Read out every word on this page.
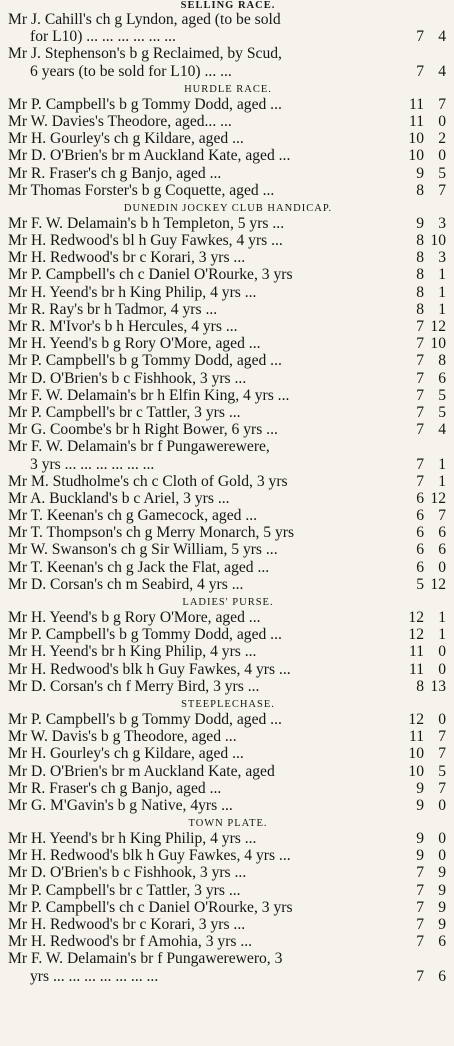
SELLING RACE.
Mr J. Cahill's ch g Lyndon, aged (to be sold
for L10) ... ... ... ... ... ...	7 4
Mr J. Stephenson's b g Reclaimed, by Scud,
6 years (to be sold for L10) ... ...	7 4
HURDLE RACE.
Mr P. Campbell's b g Tommy Dodd, aged ...	11 7
Mr W. Davies's Theodore, aged... ...	11 0
Mr H. Gourley's ch g Kildare, aged ...	10 2
Mr D. O'Brien's br m Auckland Kate, aged ...	10 0
Mr R. Fraser's ch g Banjo, aged ...	9 5
Mr Thomas Forster's b g Coquette, aged ...	8 7
DUNEDIN JOCKEY CLUB HANDICAP.
Mr F. W. Delamain's b h Templeton, 5 yrs ...	9 3
Mr H. Redwood's bl h Guy Fawkes, 4 yrs ...	8 10
Mr H. Redwood's br c Korari, 3 yrs ...	8 3
Mr P. Campbell's ch c Daniel O'Rourke, 3 yrs	8 1
Mr H. Yeend's br h King Philip, 4 yrs ...	8 1
Mr R. Ray's br h Tadmor, 4 yrs ...	8 1
Mr R. M'Ivor's b h Hercules, 4 yrs ...	7 12
Mr H. Yeend's b g Rory O'More, aged ...	7 10
Mr P. Campbell's b g Tommy Dodd, aged ...	7 8
Mr D. O'Brien's b c Fishhook, 3 yrs ...	7 6
Mr F. W. Delamain's br h Elfin King, 4 yrs ...	7 5
Mr P. Campbell's br c Tattler, 3 yrs ...	7 5
Mr G. Coombe's br h Right Bower, 6 yrs ...	7 4
Mr F. W. Delamain's br f Pungawerewere,
3 yrs ... ... ... ... ... ...	7 1
Mr M. Studholme's ch c Cloth of Gold, 3 yrs	7 1
Mr A. Buckland's b c Ariel, 3 yrs ...	6 12
Mr T. Keenan's ch g Gamecock, aged ...	6 7
Mr T. Thompson's ch g Merry Monarch, 5 yrs	6 6
Mr W. Swanson's ch g Sir William, 5 yrs ...	6 6
Mr T. Keenan's ch g Jack the Flat, aged ...	6 0
Mr D. Corsan's ch m Seabird, 4 yrs ...	5 12
LADIES' PURSE.
Mr H. Yeend's b g Rory O'More, aged ...	12 1
Mr P. Campbell's b g Tommy Dodd, aged ...	12 1
Mr H. Yeend's br h King Philip, 4 yrs ...	11 0
Mr H. Redwood's blk h Guy Fawkes, 4 yrs ...	11 0
Mr D. Corsan's ch f Merry Bird, 3 yrs ...	8 13
STEEPLECHASE.
Mr P. Campbell's b g Tommy Dodd, aged ...	12 0
Mr W. Davis's b g Theodore, aged ...	11 7
Mr H. Gourley's ch g Kildare, aged ...	10 7
Mr D. O'Brien's br m Auckland Kate, aged	10 5
Mr R. Fraser's ch g Banjo, aged ...	9 7
Mr G. M'Gavin's b g Native, 4yrs ...	9 0
TOWN PLATE.
Mr H. Yeend's br h King Philip, 4 yrs ...	9 0
Mr H. Redwood's blk h Guy Fawkes, 4 yrs ...	9 0
Mr D. O'Brien's b c Fishhook, 3 yrs ...	7 9
Mr P. Campbell's br c Tattler, 3 yrs ...	7 9
Mr P. Campbell's ch c Daniel O'Rourke, 3 yrs	7 9
Mr H. Redwood's br c Korari, 3 yrs ...	7 9
Mr H. Redwood's br f Amohia, 3 yrs ...	7 6
Mr F. W. Delamain's br f Pungawerewero, 3
yrs ... ... ... ... ... ... ...	7 6
